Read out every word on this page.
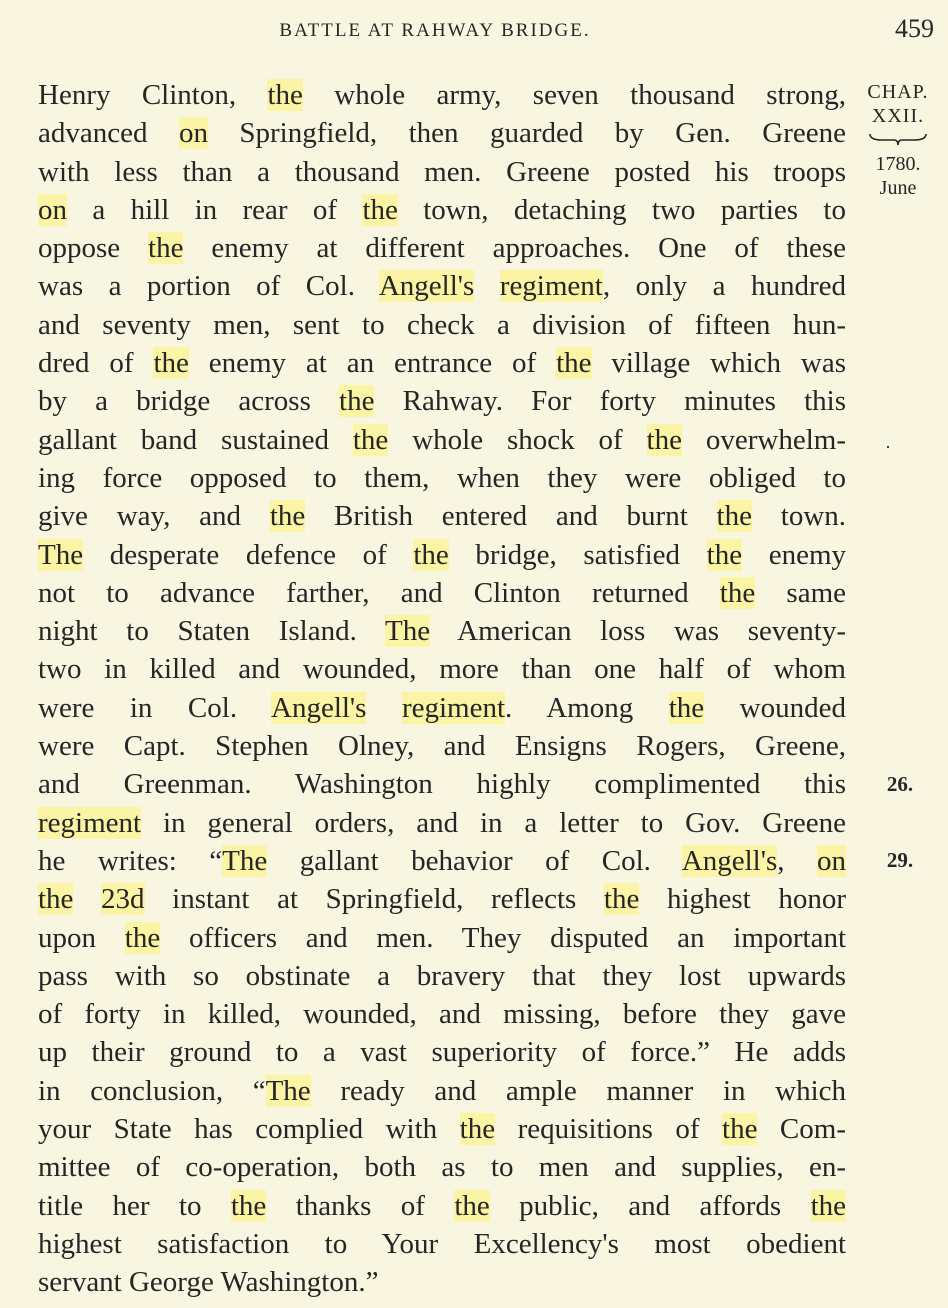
BATTLE AT RAHWAY BRIDGE.	459
Henry Clinton, the whole army, seven thousand strong,
advanced on Springfield, then guarded by Gen. Greene
with less than a thousand men. Greene posted his troops
on a hill in rear of the town, detaching two parties to
oppose the enemy at different approaches. One of these
was a portion of Col. Angell's regiment, only a hundred
and seventy men, sent to check a division of fifteen hun-
dred of the enemy at an entrance of the village which was
by a bridge across the Rahway. For forty minutes this
gallant band sustained the whole shock of the overwhelm-
ing force opposed to them, when they were obliged to
give way, and the British entered and burnt the town.
The desperate defence of the bridge, satisfied the enemy
not to advance farther, and Clinton returned the same
night to Staten Island. The American loss was seventy-
two in killed and wounded, more than one half of whom
were in Col. Angell's regiment. Among the wounded
were Capt. Stephen Olney, and Ensigns Rogers, Greene,
and Greenman. Washington highly complimented this
regiment in general orders, and in a letter to Gov. Greene
he writes: “The gallant behavior of Col. Angell's, on
the 23d instant at Springfield, reflects the highest honor
upon the officers and men. They disputed an important
pass with so obstinate a bravery that they lost upwards
of forty in killed, wounded, and missing, before they gave
up their ground to a vast superiority of force.” He adds
in conclusion, “The ready and ample manner in which
your State has complied with the requisitions of the Com-
mittee of co-operation, both as to men and supplies, en-
title her to the thanks of the public, and affords the
highest satisfaction to Your Excellency's most obedient
servant George Washington.”
CHAP.
XXII.
1780.
June
.
26.
29.
